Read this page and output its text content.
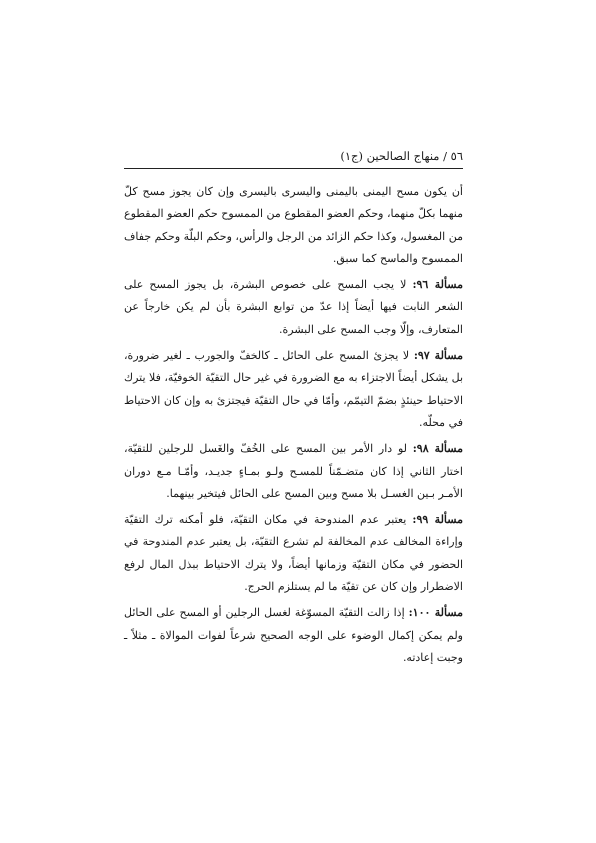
٥٦ / منهاج الصالحين (ج١)

أن يكون مسح اليمنى باليمنى واليسرى باليسرى وإن كان يجوز مسح كلّ منهما بكلّ منهما، وحكم العضو المقطوع من الممسوح حكم العضو المقطوع من المغسول، وكذا حكم الزائد من الرجل والرأس، وحكم البلّة وحكم جفاف الممسوح والماسح كما سبق.

مسألة ٩٦: لا يجب المسح على خصوص البشرة، بل يجوز المسح على الشعر النابت فيها أيضاً إذا عدّ من توابع البشرة بأن لم يكن خارجاً عن المتعارف، وإلّا وجب المسح على البشرة.

مسألة ٩٧: لا يجزئ المسح على الحائل ـ كالخفّ والجورب ـ لغير ضرورة، بل يشكل أيضاً الاجتزاء به مع الضرورة في غير حال التقيّة الخوفيّة، فلا يترك الاحتياط حينئذٍ بضمّ التيمّم، وأمّا في حال التقيّة فيجتزئ به وإن كان الاحتياط في محلّه.

مسألة ٩٨: لو دار الأمر بين المسح على الخُفّ والغَسل للرجلين للتقيّة، اختار الثاني إذا كان متضـمّناً للمسـح ولـو بمـاءٍ جديـد، وأمّـا مـع دوران الأمـر بـين الغسـل بلا مسح وبين المسح على الحائل فيتخير بينهما.

مسألة ٩٩: يعتبر عدم المندوحة في مكان التقيّة، فلو أمكنه ترك التقيّة وإراءة المخالف عدم المخالفة لم تشرع التقيّة، بل يعتبر عدم المندوحة في الحضور في مكان التقيّة وزمانها أيضاً، ولا يترك الاحتياط ببذل المال لرفع الاضطرار وإن كان عن تقيّة ما لم يستلزم الحرج.

مسألة ١٠٠: إذا زالت التقيّة المسوّغة لغسل الرجلين أو المسح على الحائل ولم يمكن إكمال الوضوء على الوجه الصحيح شرعاً لفوات الموالاة ـ مثلاً ـ وجبت إعادته.
